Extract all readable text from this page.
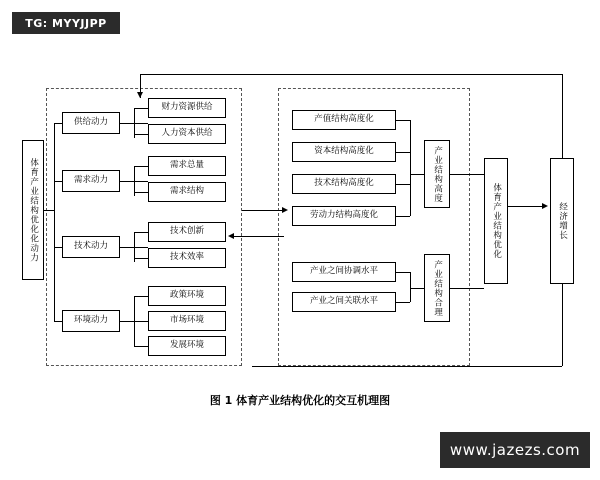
TG: MYYJJPP
www.jazezs.com
体育产业结构优化化动力
供给动力
财力资源供给
人力资本供给
需求动力
需求总量
需求结构
技术动力
技术创新
技术效率
环境动力
政策环境
市场环境
发展环境
产值结构高度化
资本结构高度化
技术结构高度化
劳动力结构高度化
产业结构高度
产业之间协调水平
产业之间关联水平	产业结构合理
体育产业结构优化	经济增长
图 1 体育产业结构优化的交互机理图
